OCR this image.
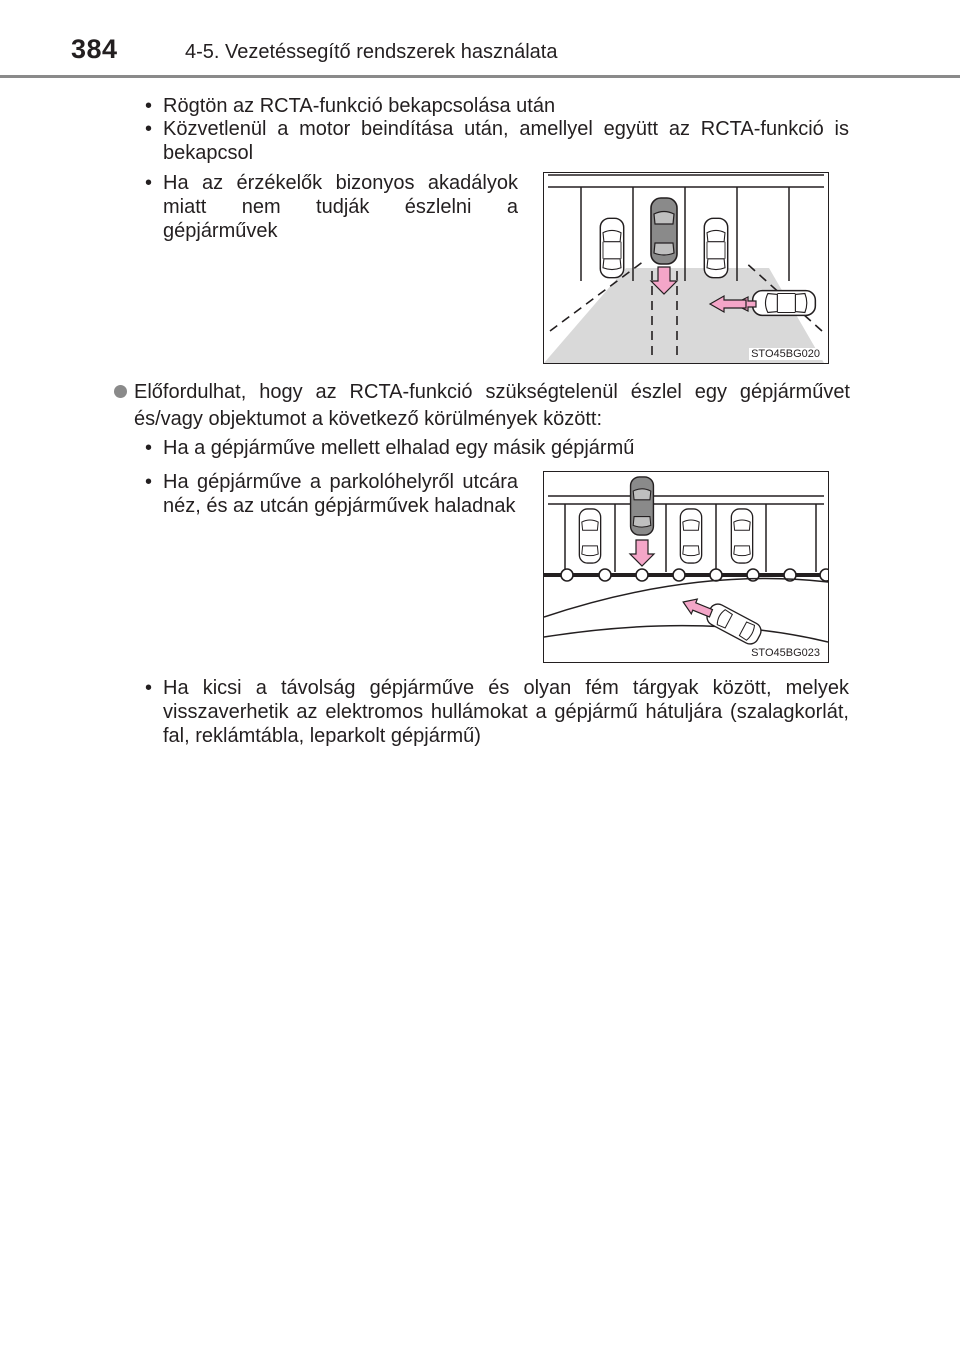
384	4-5. Vezetéssegítő rendszerek használata
• Rögtön az RCTA-funkció bekapcsolása után
• Közvetlenül a motor beindítása után, amellyel együtt az RCTA-funkció is bekapcsol
• Ha az érzékelők bizonyos akadályok miatt nem tudják észlelni a gépjárművek
STO45BG020
Előfordulhat, hogy az RCTA-funkció szükségtelenül észlel egy gépjárművet és/vagy objektumot a következő körülmények között:
• Ha a gépjárműve mellett elhalad egy másik gépjármű
• Ha gépjárműve a parkolóhelyről utcára néz, és az utcán gépjárművek haladnak
STO45BG023
• Ha kicsi a távolság gépjárműve és olyan fém tárgyak között, melyek visszaverhetik az elektromos hullámokat a gépjármű hátuljára (szalagkorlát, fal, reklámtábla, leparkolt gépjármű)
